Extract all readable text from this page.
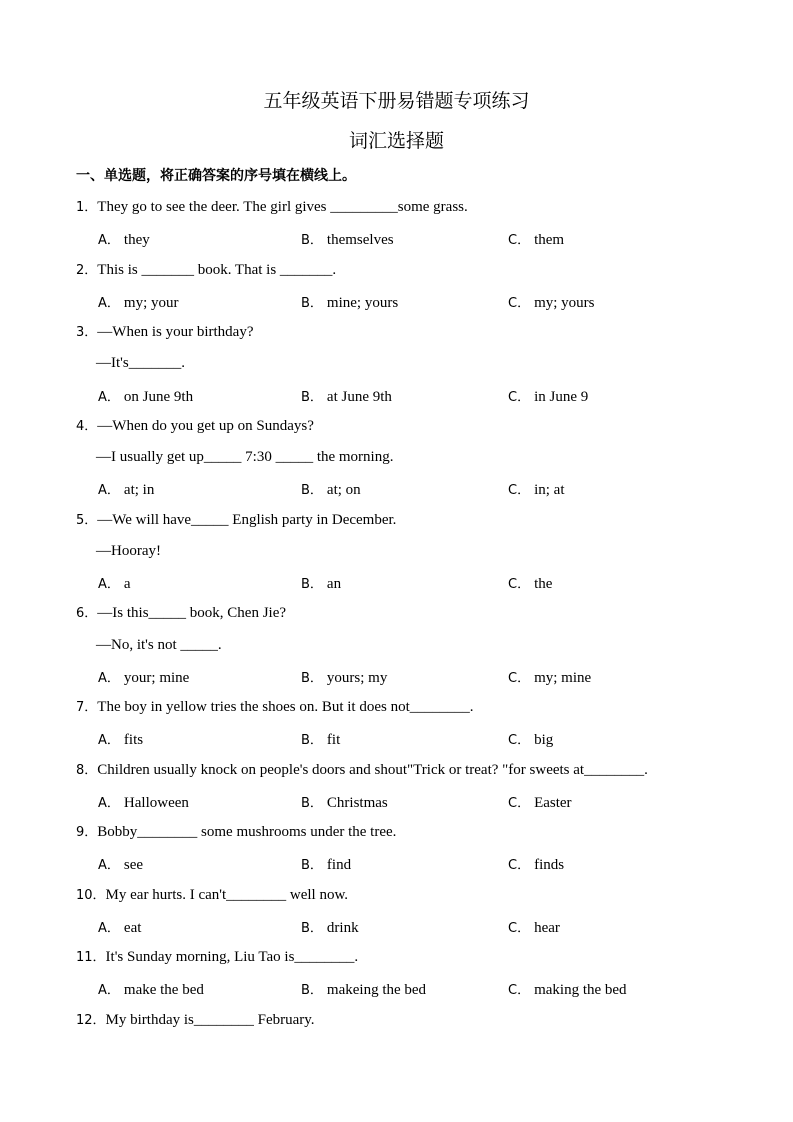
五年级英语下册易错题专项练习
词汇选择题
一、单选题，将正确答案的序号填在横线上。
1．They go to see the deer. The girl gives _________some grass.
A． they	B． themselves	C． them
2．This is _______ book. That is _______.
A． my; your	B． mine; yours	C． my; yours
3．—When is your birthday?
—It's_______.
A． on June 9th	B． at June 9th	C． in June 9
4．—When do you get up on Sundays?
—I usually get up_____ 7:30 _____ the morning.
A． at; in	B． at; on	C． in; at
5．—We will have_____ English party in December.
—Hooray!
A． a	B． an	C． the
6．—Is this_____ book, Chen Jie?
—No, it's not _____.
A． your; mine	B． yours; my	C． my; mine
7．The boy in yellow tries the shoes on. But it does not________.
A． fits	B． fit	C． big
8．Children usually knock on people's doors and shout"Trick or treat? "for sweets at________.
A． Halloween	B． Christmas	C． Easter
9．Bobby________ some mushrooms under the tree.
A． see	B． find	C． finds
10．My ear hurts. I can't________ well now.
A． eat	B． drink	C． hear
11．It's Sunday morning, Liu Tao is________.
A． make the bed	B． makeing the bed	C． making the bed
12．My birthday is________ February.
